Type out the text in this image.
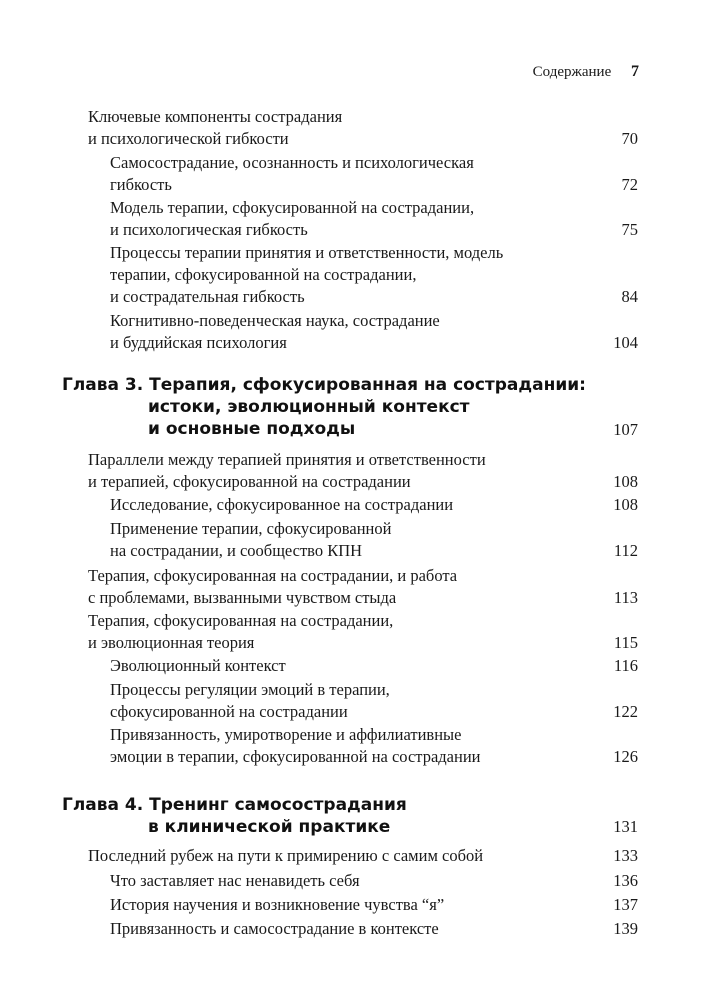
Содержание 7
Ключевые компоненты сострадания
и психологической гибкости	70
Самосострадание, осознанность и психологическая
гибкость	72
Модель терапии, сфокусированной на сострадании,
и психологическая гибкость	75
Процессы терапии принятия и ответственности, модель
терапии, сфокусированной на сострадании,
и сострадательная гибкость	84
Когнитивно-поведенческая наука, сострадание
и буддийская психология	104
Глава 3. Терапия, сфокусированная на сострадании:
истоки, эволюционный контекст
и основные подходы	107
Параллели между терапией принятия и ответственности
и терапией, сфокусированной на сострадании	108
Исследование, сфокусированное на сострадании	108
Применение терапии, сфокусированной
на сострадании, и сообщество КПН	112
Терапия, сфокусированная на сострадании, и работа
с проблемами, вызванными чувством стыда	113
Терапия, сфокусированная на сострадании,
и эволюционная теория	115
Эволюционный контекст	116
Процессы регуляции эмоций в терапии,
сфокусированной на сострадании	122
Привязанность, умиротворение и аффилиативные
эмоции в терапии, сфокусированной на сострадании	126
Глава 4. Тренинг самосострадания
в клинической практике	131
Последний рубеж на пути к примирению с самим собой	133
Что заставляет нас ненавидеть себя	136
История научения и возникновение чувства “я”	137
Привязанность и самосострадание в контексте	139
